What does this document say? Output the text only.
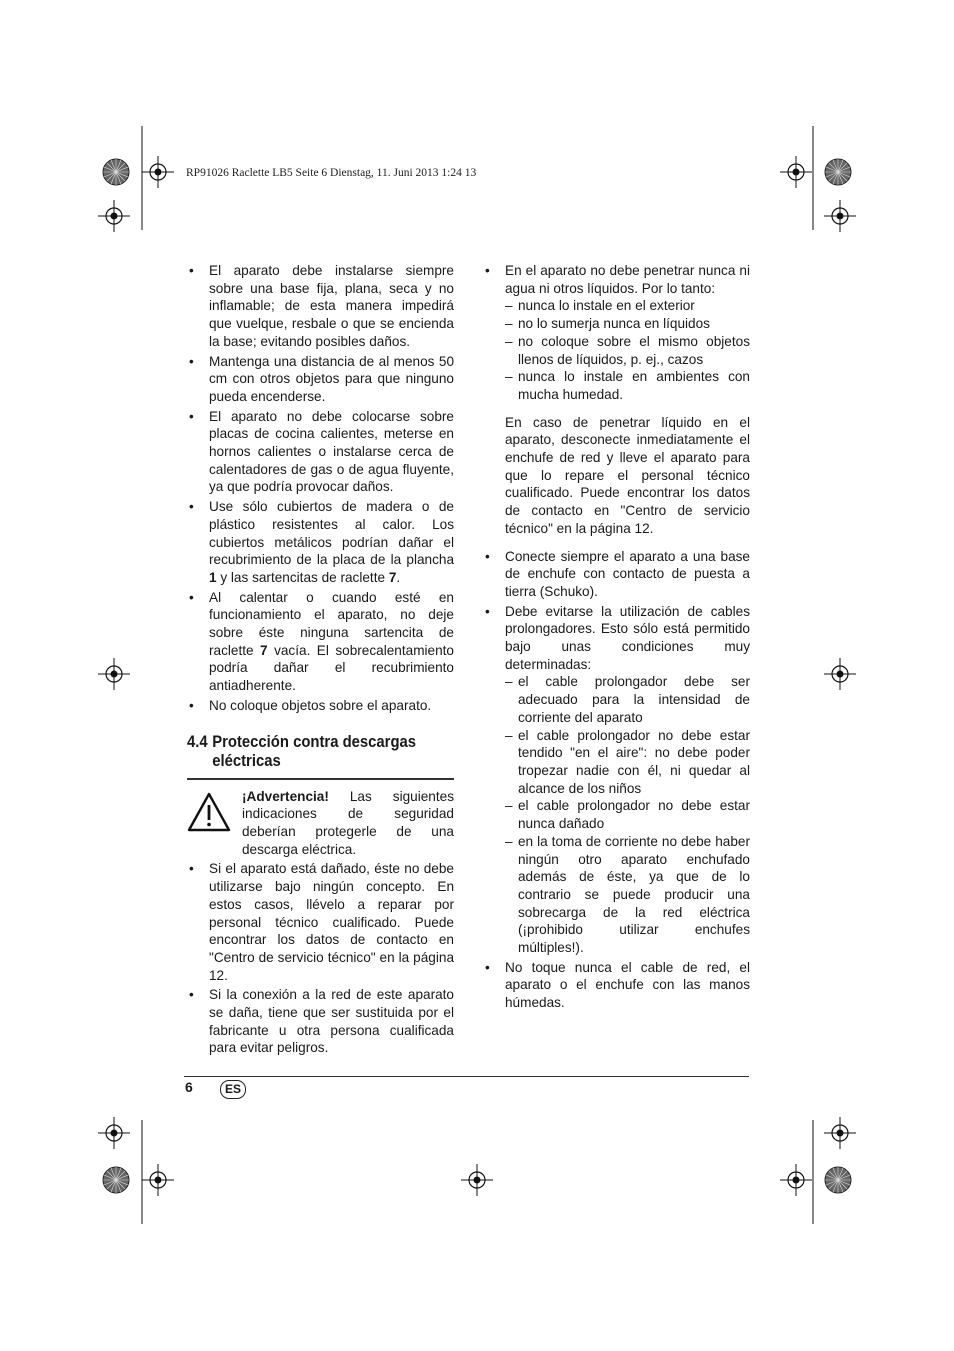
RP91026 Raclette LB5 Seite 6 Dienstag, 11. Juni 2013 1:24 13
• El aparato debe instalarse siempre sobre una base fija, plana, seca y no inflamable; de esta manera impedirá que vuelque, resbale o que se encienda la base; evitando posibles daños.
• Mantenga una distancia de al menos 50 cm con otros objetos para que ninguno pueda encenderse.
• El aparato no debe colocarse sobre placas de cocina calientes, meterse en hornos calientes o instalarse cerca de calentadores de gas o de agua fluyente, ya que podría provocar daños.
• Use sólo cubiertos de madera o de plástico resistentes al calor. Los cubiertos metálicos podrían dañar el recubrimiento de la placa de la plancha 1 y las sartencitas de raclette 7.
• Al calentar o cuando esté en funcionamiento el aparato, no deje sobre éste ninguna sartencita de raclette 7 vacía. El sobrecalentamiento podría dañar el recubrimiento antiadherente.
• No coloque objetos sobre el aparato.
4.4 Protección contra descargas
eléctricas
¡Advertencia! Las siguientes indicaciones de seguridad deberían protegerle de una descarga eléctrica.
• Si el aparato está dañado, éste no debe utilizarse bajo ningún concepto. En estos casos, llévelo a reparar por personal técnico cualificado. Puede encontrar los datos de contacto en "Centro de servicio técnico" en la página 12.
• Si la conexión a la red de este aparato se daña, tiene que ser sustituida por el fabricante u otra persona cualificada para evitar peligros.
• En el aparato no debe penetrar nunca ni agua ni otros líquidos. Por lo tanto:
– nunca lo instale en el exterior
– no lo sumerja nunca en líquidos
– no coloque sobre el mismo objetos llenos de líquidos, p. ej., cazos
– nunca lo instale en ambientes con mucha humedad.
En caso de penetrar líquido en el aparato, desconecte inmediatamente el enchufe de red y lleve el aparato para que lo repare el personal técnico cualificado. Puede encontrar los datos de contacto en "Centro de servicio técnico" en la página 12.
• Conecte siempre el aparato a una base de enchufe con contacto de puesta a tierra (Schuko).
• Debe evitarse la utilización de cables prolongadores. Esto sólo está permitido bajo unas condiciones muy determinadas:
– el cable prolongador debe ser adecuado para la intensidad de corriente del aparato
– el cable prolongador no debe estar tendido "en el aire": no debe poder tropezar nadie con él, ni quedar al alcance de los niños
– el cable prolongador no debe estar nunca dañado
– en la toma de corriente no debe haber ningún otro aparato enchufado además de éste, ya que de lo contrario se puede producir una sobrecarga de la red eléctrica (¡prohibido utilizar enchufes múltiples!).
• No toque nunca el cable de red, el aparato o el enchufe con las manos húmedas.
6	ES
